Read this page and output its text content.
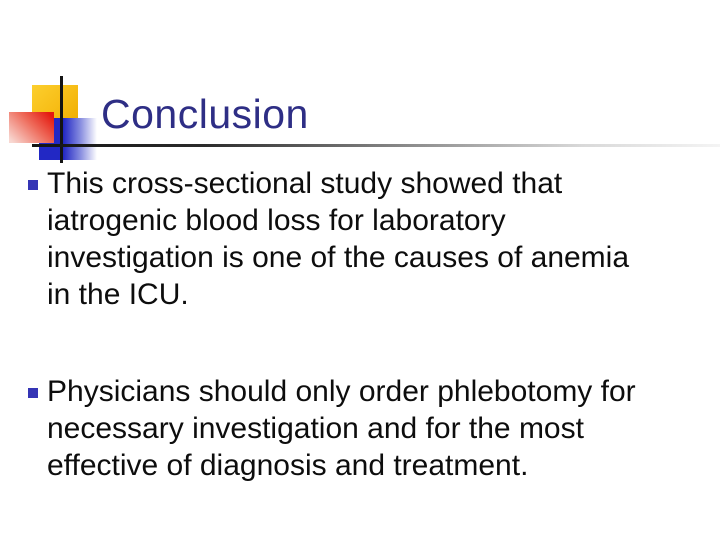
Conclusion
This cross-sectional study showed that
iatrogenic blood loss for laboratory
investigation is one of the causes of anemia
in the ICU.
Physicians should only order phlebotomy for
necessary investigation and for the most
effective of diagnosis and treatment.
